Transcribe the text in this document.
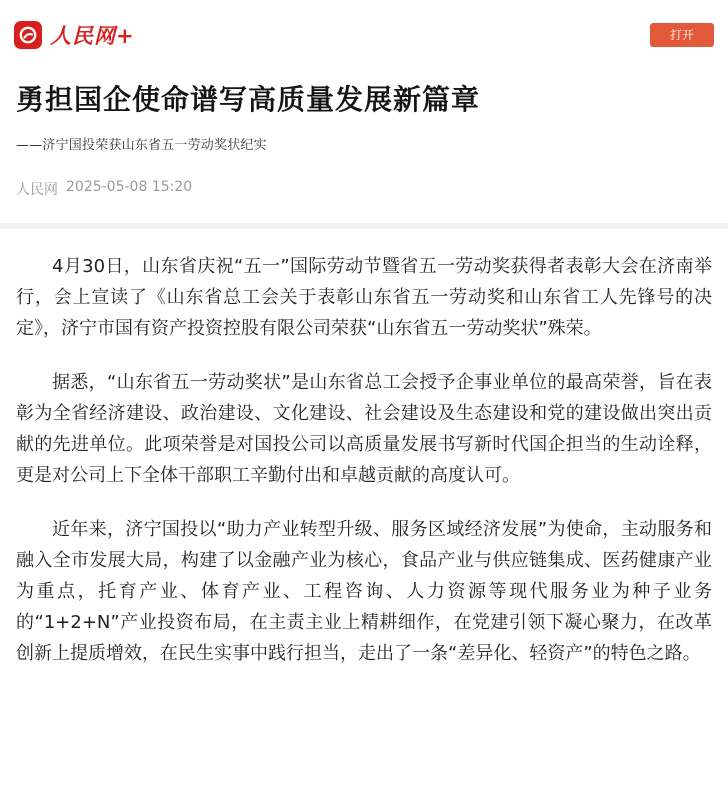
人民网+	打开
勇担国企使命谱写高质量发展新篇章
——济宁国投荣获山东省五一劳动奖状纪实
人民网 2025-05-08 15:20

4月30日，山东省庆祝“五一”国际劳动节暨省五一劳动奖获得者表彰大会在济南举行，会上宣读了《山东省总工会关于表彰山东省五一劳动奖和山东省工人先锋号的决定》，济宁市国有资产投资控股有限公司荣获“山东省五一劳动奖状”殊荣。

据悉，“山东省五一劳动奖状”是山东省总工会授予企事业单位的最高荣誉，旨在表彰为全省经济建设、政治建设、文化建设、社会建设及生态建设和党的建设做出突出贡献的先进单位。此项荣誉是对国投公司以高质量发展书写新时代国企担当的生动诠释，更是对公司上下全体干部职工辛勤付出和卓越贡献的高度认可。

近年来，济宁国投以“助力产业转型升级、服务区域经济发展”为使命，主动服务和融入全市发展大局，构建了以金融产业为核心，食品产业与供应链集成、医药健康产业为重点，托育产业、体育产业、工程咨询、人力资源等现代服务业为种子业务的“1+2+N”产业投资布局，在主责主业上精耕细作，在党建引领下凝心聚力，在改革创新上提质增效，在民生实事中践行担当，走出了一条“差异化、轻资产”的特色之路。
